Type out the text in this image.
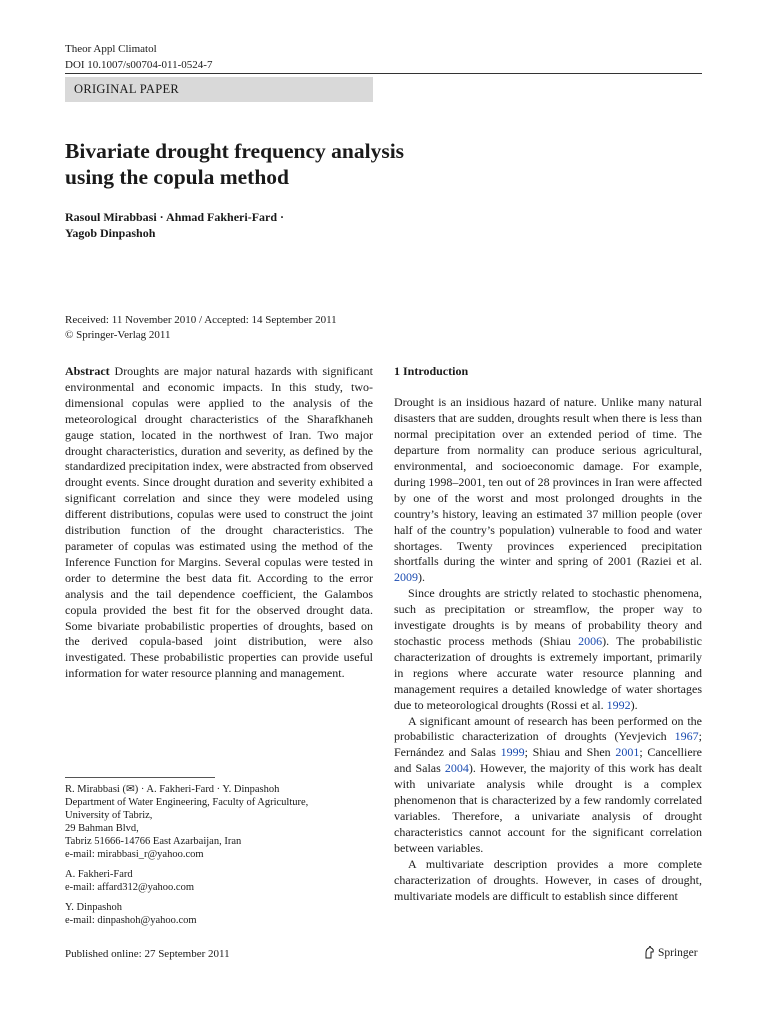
Theor Appl Climatol
DOI 10.1007/s00704-011-0524-7
ORIGINAL PAPER
Bivariate drought frequency analysis
using the copula method
Rasoul Mirabbasi · Ahmad Fakheri-Fard ·
Yagob Dinpashoh
Received: 11 November 2010 / Accepted: 14 September 2011
© Springer-Verlag 2011

Abstract Droughts are major natural hazards with significant environmental and economic impacts. In this study, two-dimensional copulas were applied to the analysis of the meteorological drought characteristics of the Sharafkhaneh gauge station, located in the northwest of Iran. Two major drought characteristics, duration and severity, as defined by the standardized precipitation index, were abstracted from observed drought events. Since drought duration and severity exhibited a significant correlation and since they were modeled using different distributions, copulas were used to construct the joint distribution function of the drought characteristics. The parameter of copulas was estimated using the method of the Inference Function for Margins. Several copulas were tested in order to determine the best data fit. According to the error analysis and the tail dependence coefficient, the Galambos copula provided the best fit for the observed drought data. Some bivariate probabilistic properties of droughts, based on the derived copula-based joint distribution, were also investigated. These probabilistic properties can provide useful information for water resource planning and management.

R. Mirabbasi (✉) · A. Fakheri-Fard · Y. Dinpashoh
Department of Water Engineering, Faculty of Agriculture,
University of Tabriz,
29 Bahman Blvd,
Tabriz 51666-14766 East Azarbaijan, Iran
e-mail: mirabbasi_r@yahoo.com

A. Fakheri-Fard
e-mail: affard312@yahoo.com

Y. Dinpashoh
e-mail: dinpashoh@yahoo.com

1 Introduction

Drought is an insidious hazard of nature. Unlike many natural disasters that are sudden, droughts result when there is less than normal precipitation over an extended period of time. The departure from normality can produce serious agricultural, environmental, and socioeconomic damage. For example, during 1998–2001, ten out of 28 provinces in Iran were affected by one of the worst and most prolonged droughts in the country’s history, leaving an estimated 37 million people (over half of the country’s population) vulnerable to food and water shortages. Twenty provinces experienced precipitation shortfalls during the winter and spring of 2001 (Raziei et al. 2009).

Since droughts are strictly related to stochastic phenomena, such as precipitation or streamflow, the proper way to investigate droughts is by means of probability theory and stochastic process methods (Shiau 2006). The probabilistic characterization of droughts is extremely important, primarily in regions where accurate water resource planning and management requires a detailed knowledge of water shortages due to meteorological droughts (Rossi et al. 1992).

A significant amount of research has been performed on the probabilistic characterization of droughts (Yevjevich 1967; Fernández and Salas 1999; Shiau and Shen 2001; Cancelliere and Salas 2004). However, the majority of this work has dealt with univariate analysis while drought is a complex phenomenon that is characterized by a few randomly correlated variables. Therefore, a univariate analysis of drought characteristics cannot account for the significant correlation between variables.

A multivariate description provides a more complete characterization of droughts. However, in cases of drought, multivariate models are difficult to establish since different

Published online: 27 September 2011	Springer
